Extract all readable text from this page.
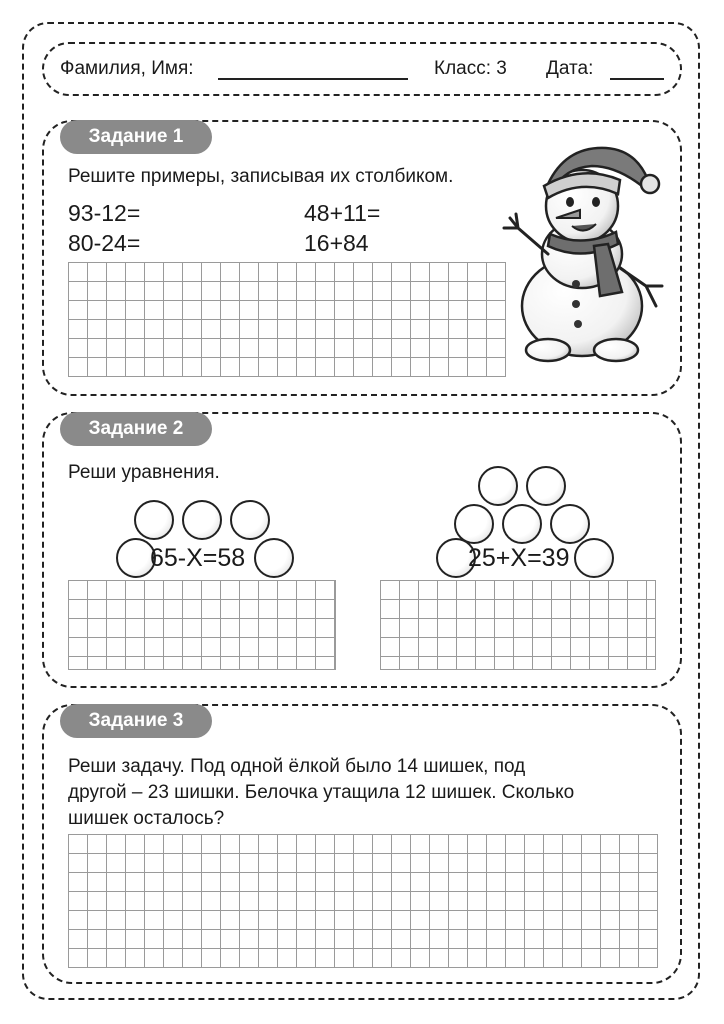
Фамилия, Имя:	Класс: 3 Дата:
Задание 1
Решите примеры, записывая их столбиком.
93-12=	48+11=
80-24=	16+84
Задание 2
Реши уравнения.
65-Х=58	25+Х=39
Задание 3
Реши задачу. Под одной ёлкой было 14 шишек, под
другой – 23 шишки. Белочка утащила 12 шишек. Сколько
шишек осталось?
